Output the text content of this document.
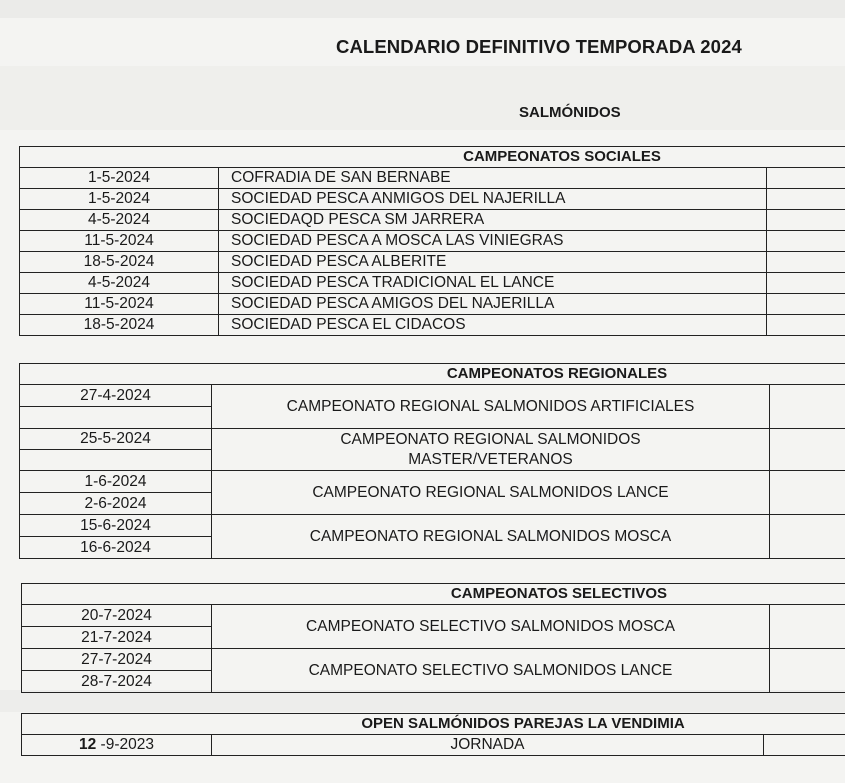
CALENDARIO DEFINITIVO TEMPORADA 2024
SALMÓNIDOS
CAMPEONATOS SOCIALES		
1-5-2024	COFRADIA DE SAN BERNABE	
1-5-2024	SOCIEDAD PESCA ANMIGOS DEL NAJERILLA	
4-5-2024	SOCIEDAQD PESCA SM JARRERA	
11-5-2024	SOCIEDAD PESCA A MOSCA LAS VINIEGRAS	
18-5-2024	SOCIEDAD PESCA ALBERITE	
4-5-2024	SOCIEDAD PESCA TRADICIONAL EL LANCE	
11-5-2024	SOCIEDAD PESCA AMIGOS DEL NAJERILLA	
18-5-2024	SOCIEDAD PESCA EL CIDACOS	
CAMPEONATOS REGIONALES		
27-4-2024	CAMPEONATO REGIONAL SALMONIDOS ARTIFICIALES	

25-5-2024	CAMPEONATO REGIONAL SALMONIDOS
MASTER/VETERANOS	

1-6-2024	CAMPEONATO REGIONAL SALMONIDOS LANCE	
2-6-2024		
15-6-2024	CAMPEONATO REGIONAL SALMONIDOS MOSCA	
16-6-2024		
CAMPEONATOS SELECTIVOS		
20-7-2024	CAMPEONATO SELECTIVO SALMONIDOS MOSCA	
21-7-2024		
27-7-2024	CAMPEONATO SELECTIVO SALMONIDOS LANCE	
28-7-2024		
OPEN SALMÓNIDOS PAREJAS LA VENDIMIA
12 -9-2023	JORNADA	
